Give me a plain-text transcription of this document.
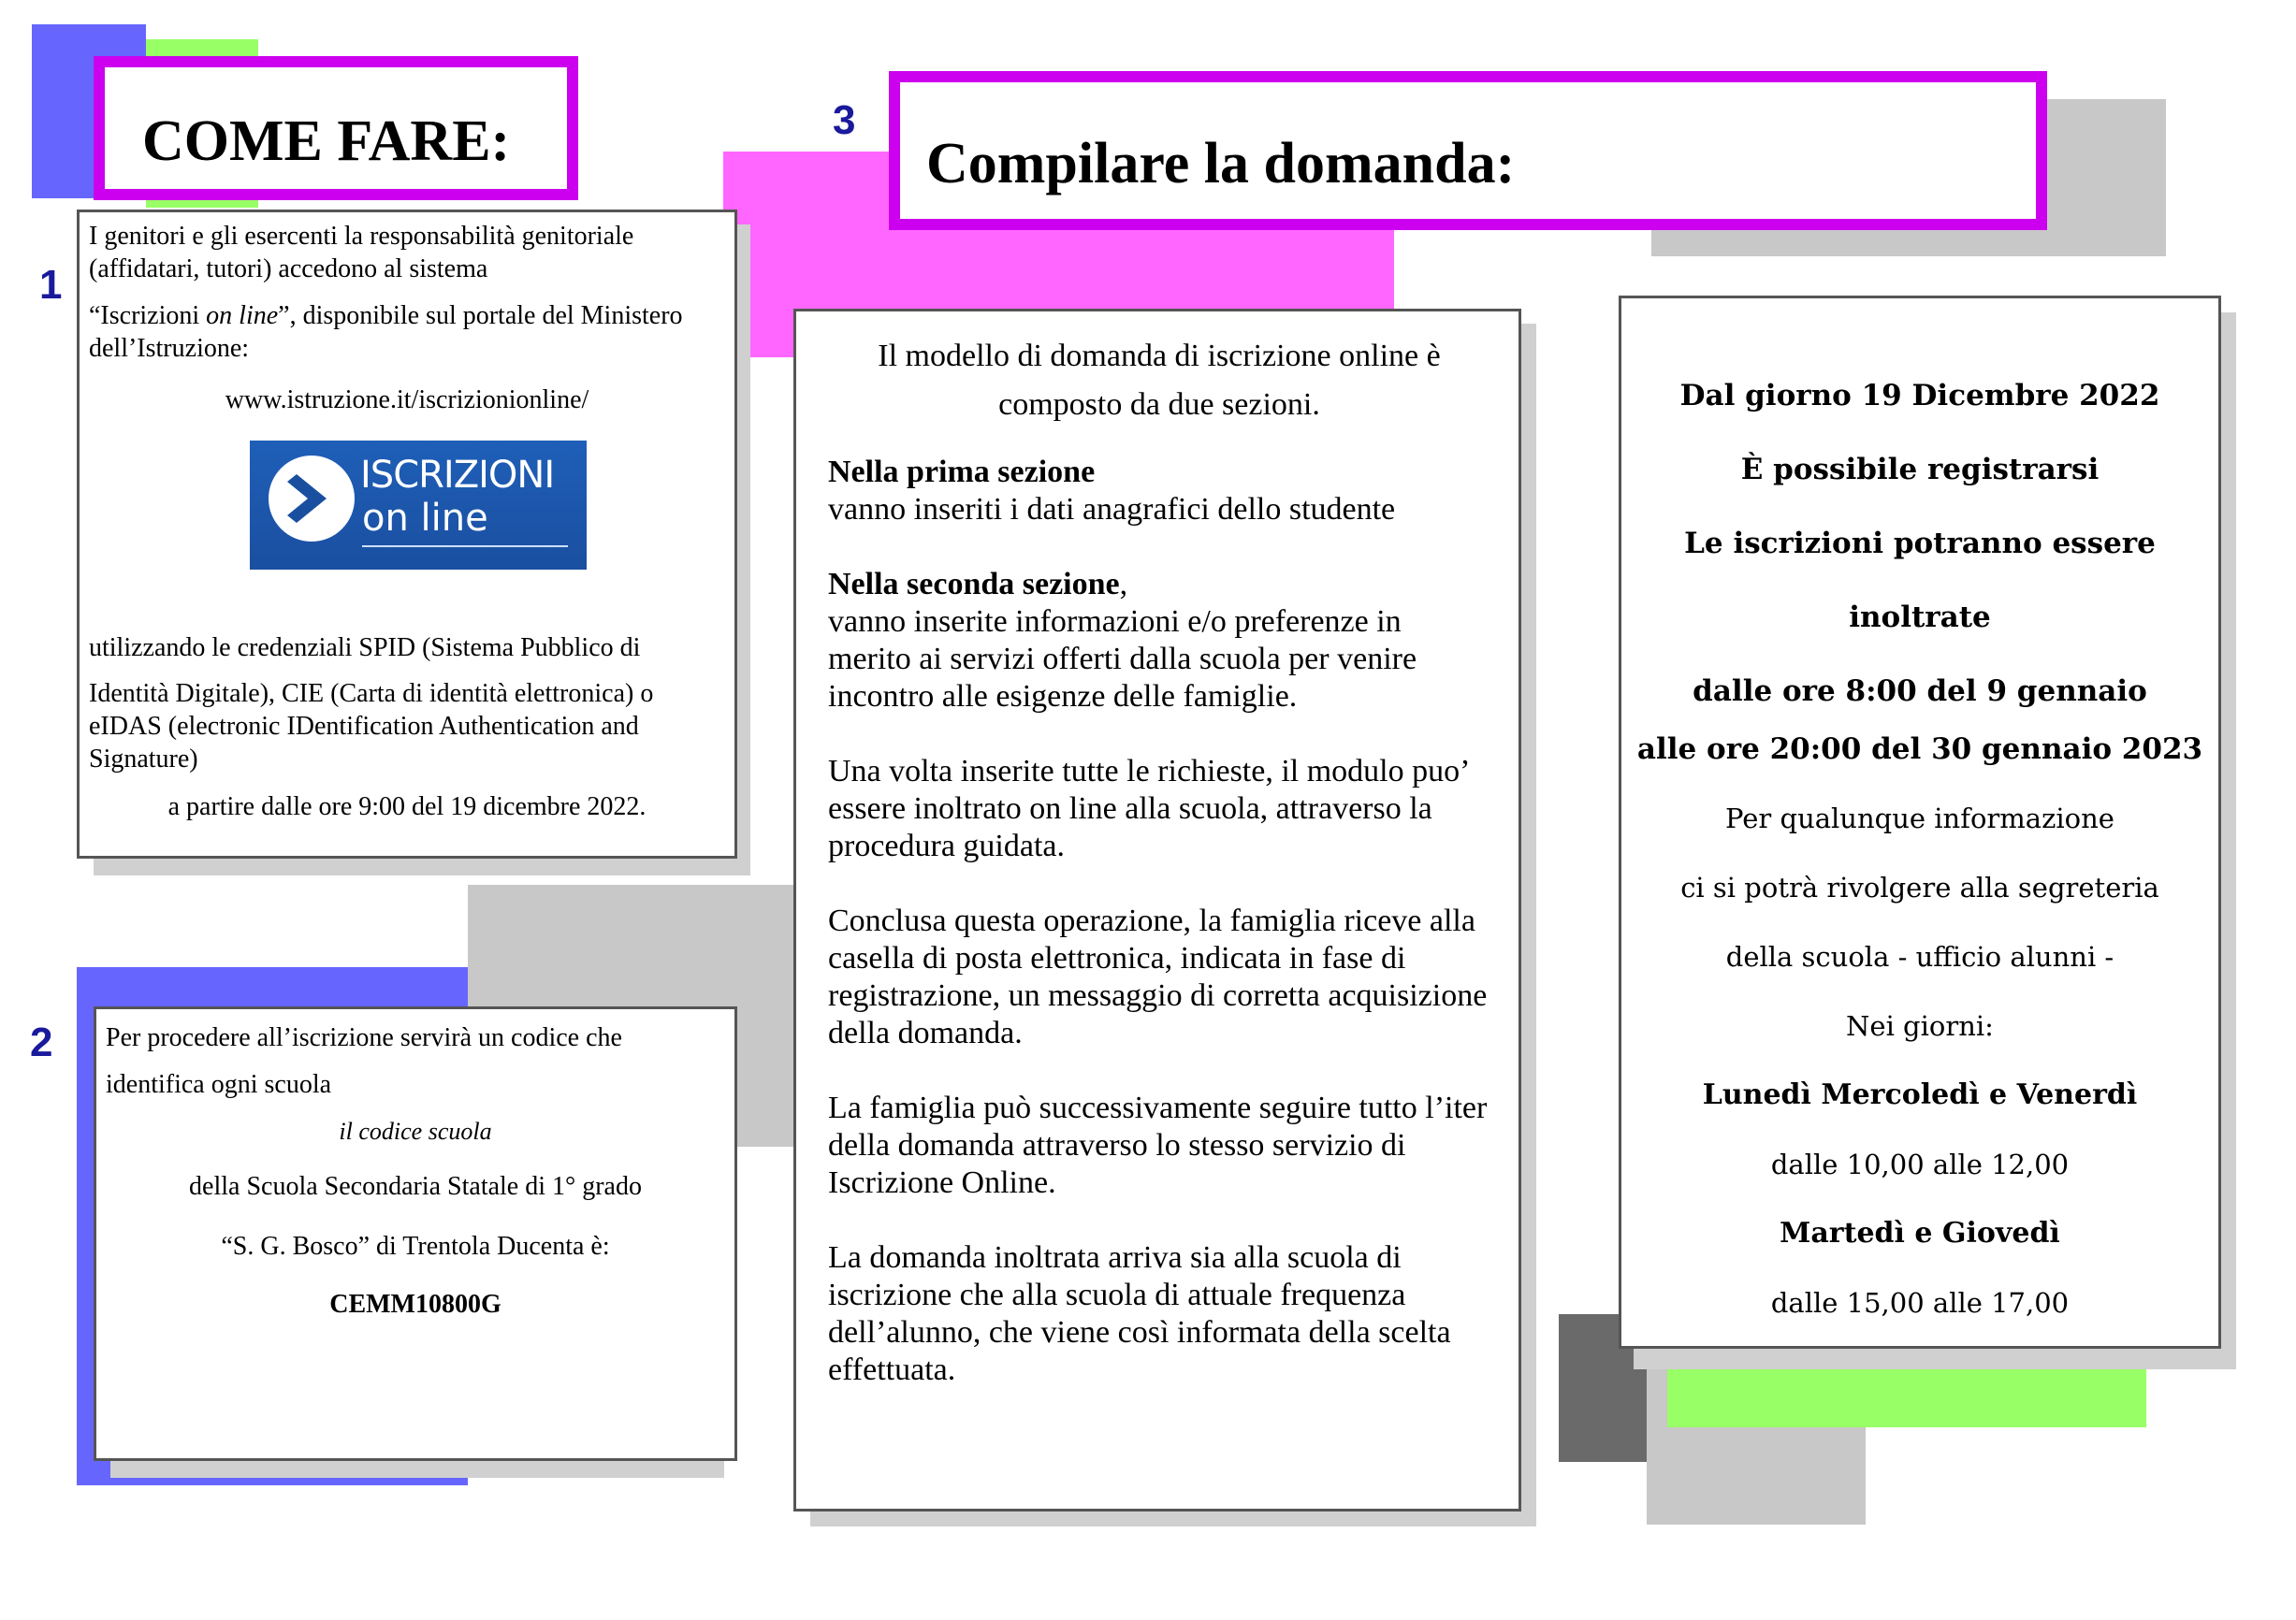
COME FARE:	Compilare la domanda:
1
2
3

I genitori e gli esercenti la responsabilità genitoriale (affidatari, tutori) accedono al sistema

“Iscrizioni on line”, disponibile sul portale del Ministero dell’Istruzione:

www.istruzione.it/iscrizionionline/

ISCRIZIONI
on line

utilizzando le credenziali SPID (Sistema Pubblico di

Identità Digitale), CIE (Carta di identità elettronica) o eIDAS (electronic IDentification Authentication and Signature)

a partire dalle ore 9:00 del 19 dicembre 2022.

Per procedere all’iscrizione servirà un codice che identifica ogni scuola

il codice scuola

della Scuola Secondaria Statale di 1° grado

“S. G. Bosco” di Trentola Ducenta è:

CEMM10800G

Il modello di domanda di iscrizione online è composto da due sezioni.

Nella prima sezione

vanno inseriti i dati anagrafici dello studente

Nella seconda sezione,

vanno inserite informazioni e/o preferenze in merito ai servizi offerti dalla scuola per venire incontro alle esigenze delle famiglie.

Una volta inserite tutte le richieste, il modulo puo’ essere inoltrato on line alla scuola, attraverso la procedura guidata.

Conclusa questa operazione, la famiglia riceve alla casella di posta elettronica, indicata in fase di registrazione, un messaggio di corretta acquisizione della domanda.

La famiglia può successivamente seguire tutto l’iter della domanda attraverso lo stesso servizio di Iscrizione Online.

La domanda inoltrata arriva sia alla scuola di iscrizione che alla scuola di attuale frequenza dell’alunno, che viene così informata della scelta effettuata.

Dal giorno 19 Dicembre 2022

È possibile registrarsi

Le iscrizioni potranno essere

inoltrate

dalle ore 8:00 del 9 gennaio

alle ore 20:00 del 30 gennaio 2023

Per qualunque informazione

ci si potrà rivolgere alla segreteria

della scuola - ufficio alunni -

Nei giorni:

Lunedì Mercoledì e Venerdì

dalle 10,00 alle 12,00

Martedì e Giovedì

dalle 15,00 alle 17,00
